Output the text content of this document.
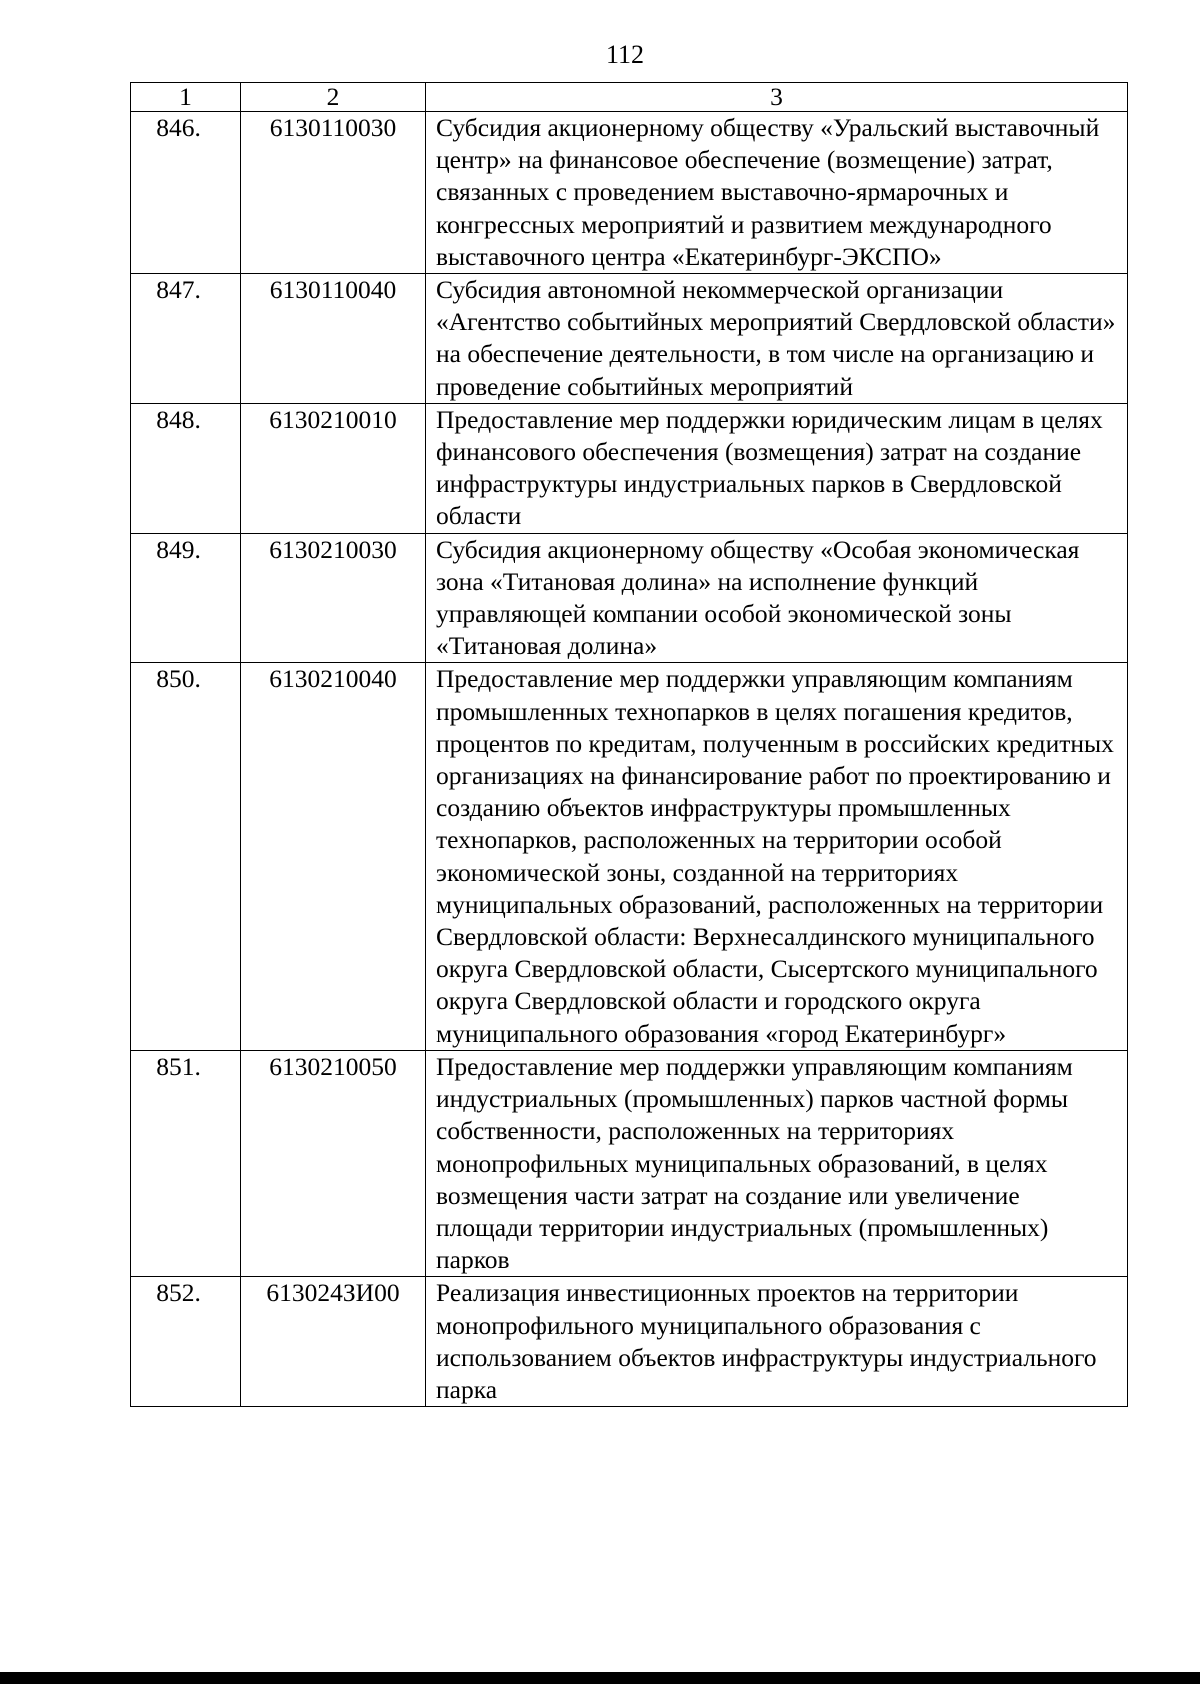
112
1	2	3
846.	6130110030	Субсидия акционерному обществу «Уральский выставочный центр» на финансовое обеспечение (возмещение) затрат, связанных с проведением выставочно-ярмарочных и конгрессных мероприятий и развитием международного выставочного центра «Екатеринбург-ЭКСПО»
847.	6130110040	Субсидия автономной некоммерческой организации «Агентство событийных мероприятий Свердловской области» на обеспечение деятельности, в том числе на организацию и проведение событийных мероприятий
848.	6130210010	Предоставление мер поддержки юридическим лицам в целях финансового обеспечения (возмещения) затрат на создание инфраструктуры индустриальных парков в Свердловской области
849.	6130210030	Субсидия акционерному обществу «Особая экономическая зона «Титановая долина» на исполнение функций управляющей компании особой экономической зоны «Титановая долина»
850.	6130210040	Предоставление мер поддержки управляющим компаниям промышленных технопарков в целях погашения кредитов, процентов по кредитам, полученным в российских кредитных организациях на финансирование работ по проектированию и созданию объектов инфраструктуры промышленных технопарков, расположенных на территории особой экономической зоны, созданной на территориях муниципальных образований, расположенных на территории Свердловской области: Верхнесалдинского муниципального округа Свердловской области, Сысертского муниципального округа Свердловской области и городского округа муниципального образования «город Екатеринбург»
851.	6130210050	Предоставление мер поддержки управляющим компаниям индустриальных (промышленных) парков частной формы собственности, расположенных на территориях монопрофильных муниципальных образований, в целях возмещения части затрат на создание или увеличение площади территории индустриальных (промышленных) парков
852.	613024ЗИ00	Реализация инвестиционных проектов на территории монопрофильного муниципального образования с использованием объектов инфраструктуры индустриального парка
